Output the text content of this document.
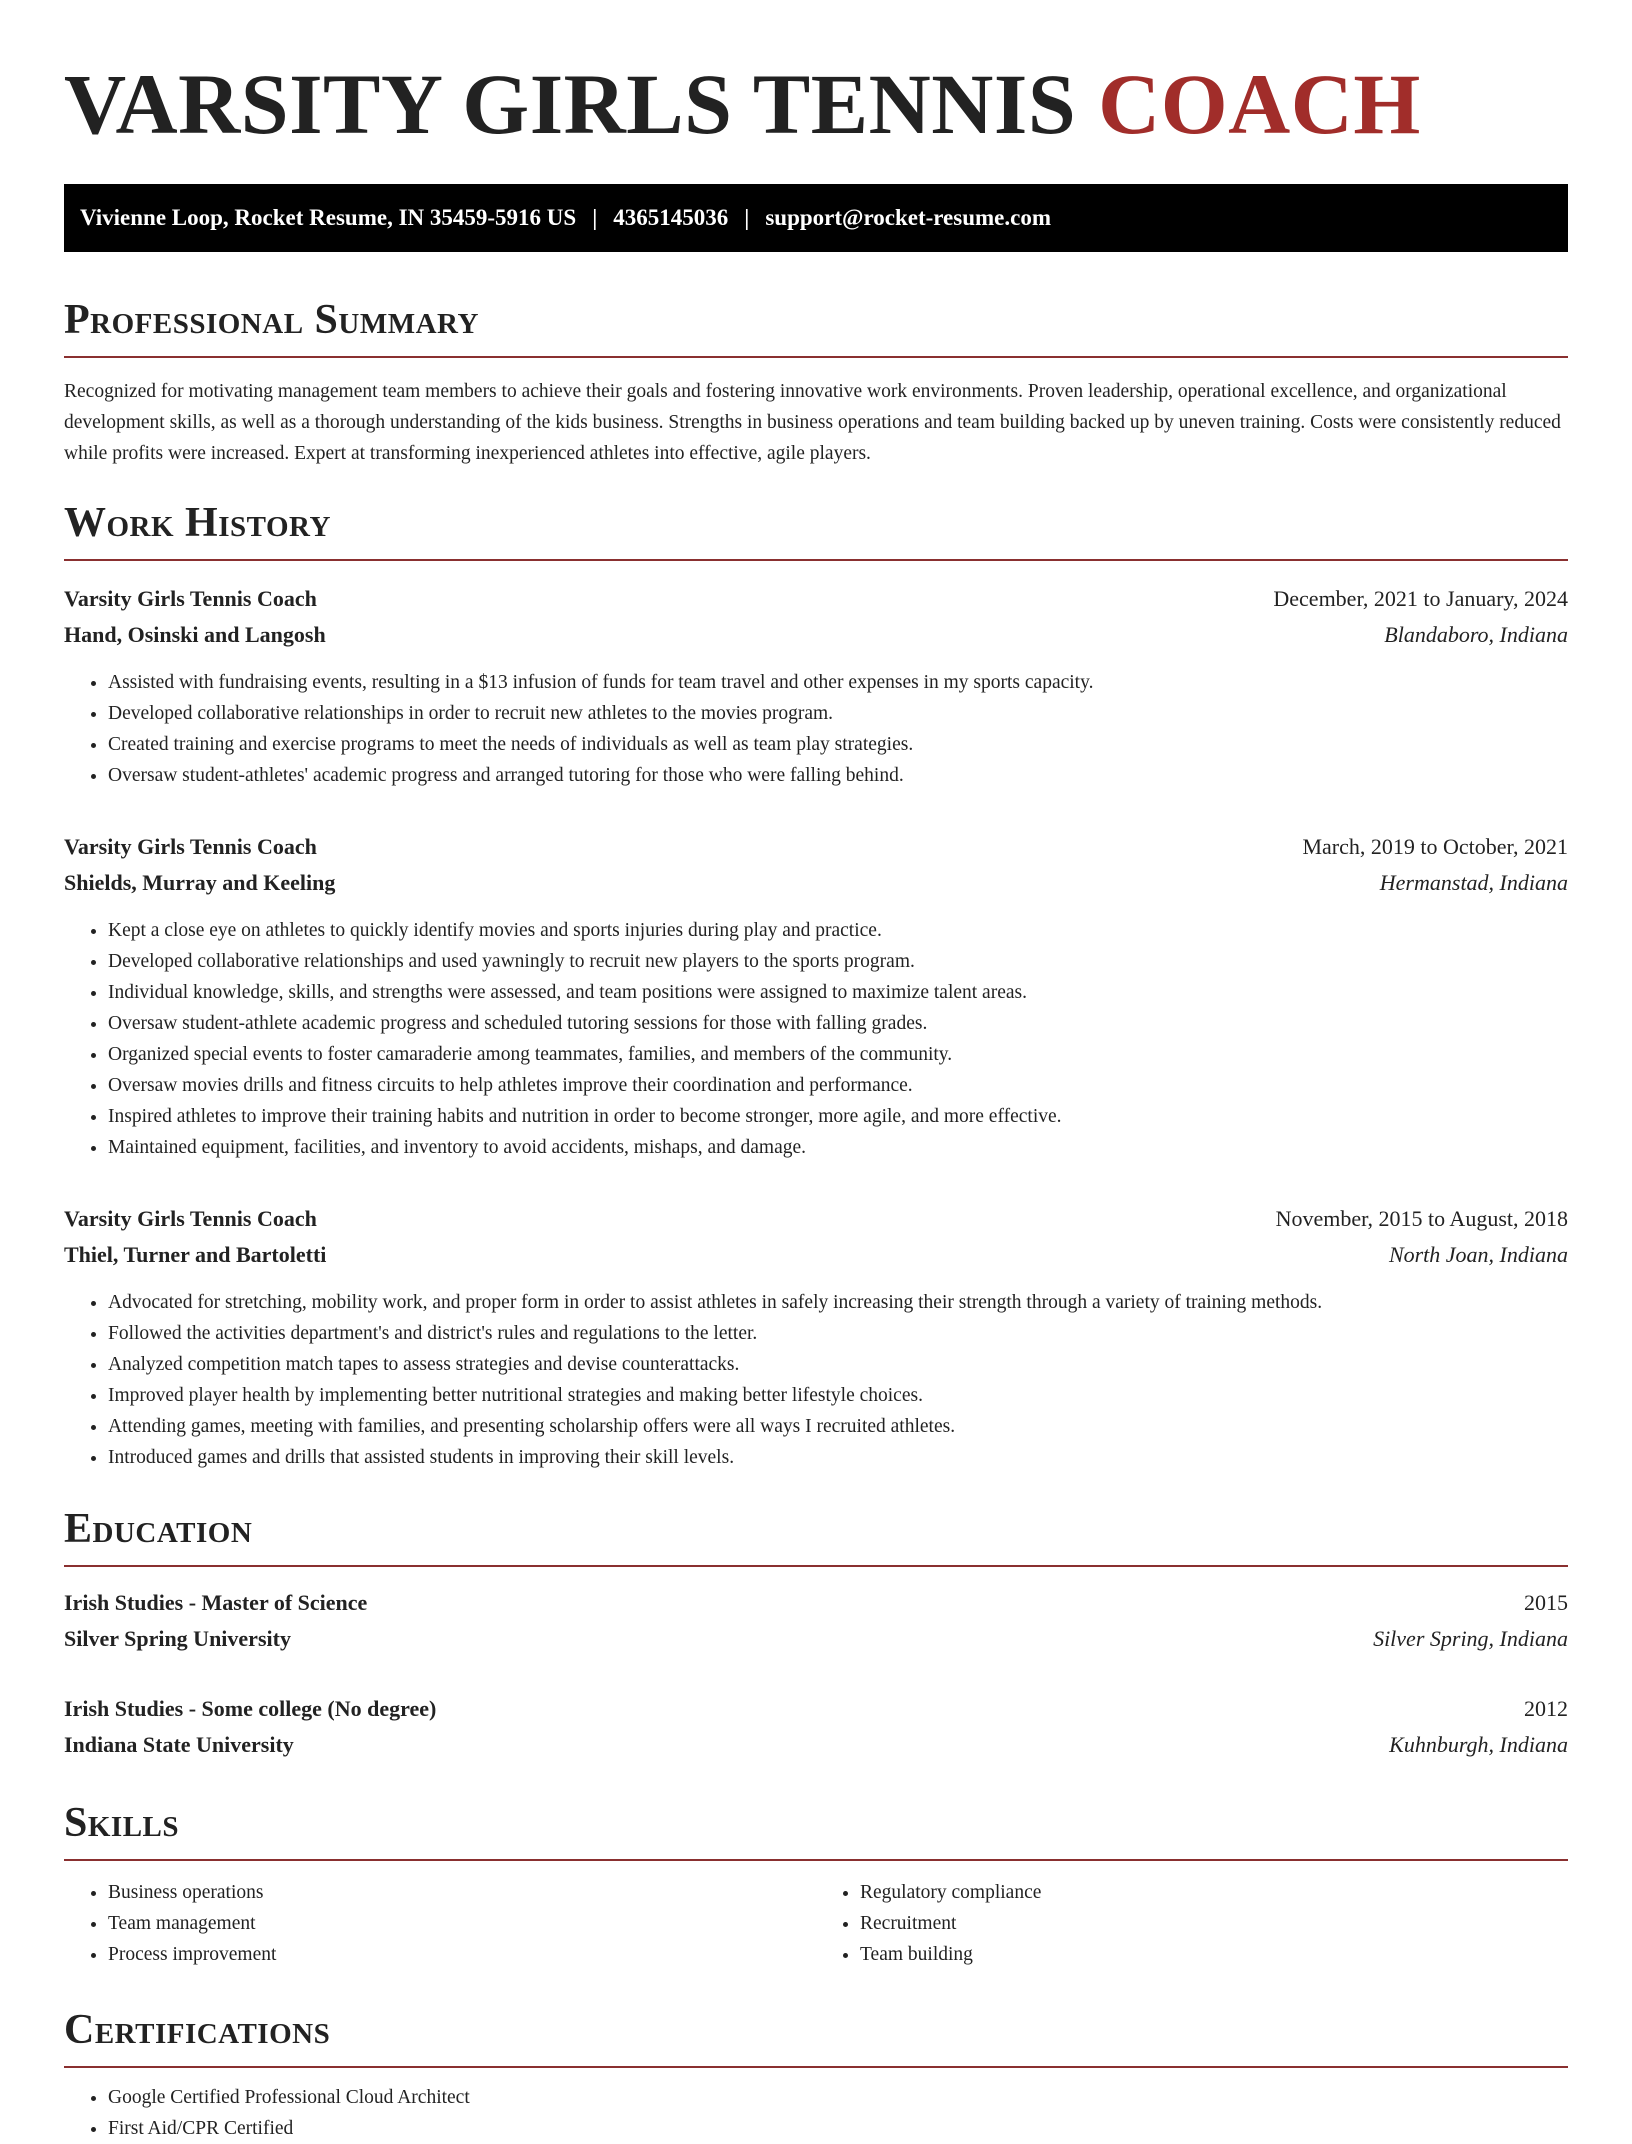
VARSITY GIRLS TENNIS COACH
Vivienne Loop, Rocket Resume, IN 35459-5916 US | 4365145036 | support@rocket-resume.com
Professional Summary

Recognized for motivating management team members to achieve their goals and fostering innovative work environments. Proven leadership, operational excellence, and organizational development skills, as well as a thorough understanding of the kids business. Strengths in business operations and team building backed up by uneven training. Costs were consistently reduced while profits were increased. Expert at transforming inexperienced athletes into effective, agile players.

Work History
Varsity Girls Tennis Coach	December, 2021 to January, 2024
Hand, Osinski and Langosh	Blandaboro, Indiana
• Assisted with fundraising events, resulting in a $13 infusion of funds for team travel and other expenses in my sports capacity.
• Developed collaborative relationships in order to recruit new athletes to the movies program.
• Created training and exercise programs to meet the needs of individuals as well as team play strategies.
• Oversaw student-athletes' academic progress and arranged tutoring for those who were falling behind.
Varsity Girls Tennis Coach	March, 2019 to October, 2021
Shields, Murray and Keeling	Hermanstad, Indiana
• Kept a close eye on athletes to quickly identify movies and sports injuries during play and practice.
• Developed collaborative relationships and used yawningly to recruit new players to the sports program.
• Individual knowledge, skills, and strengths were assessed, and team positions were assigned to maximize talent areas.
• Oversaw student-athlete academic progress and scheduled tutoring sessions for those with falling grades.
• Organized special events to foster camaraderie among teammates, families, and members of the community.
• Oversaw movies drills and fitness circuits to help athletes improve their coordination and performance.
• Inspired athletes to improve their training habits and nutrition in order to become stronger, more agile, and more effective.
• Maintained equipment, facilities, and inventory to avoid accidents, mishaps, and damage.
Varsity Girls Tennis Coach	November, 2015 to August, 2018
Thiel, Turner and Bartoletti	North Joan, Indiana
• Advocated for stretching, mobility work, and proper form in order to assist athletes in safely increasing their strength through a variety of training methods.
• Followed the activities department's and district's rules and regulations to the letter.
• Analyzed competition match tapes to assess strategies and devise counterattacks.
• Improved player health by implementing better nutritional strategies and making better lifestyle choices.
• Attending games, meeting with families, and presenting scholarship offers were all ways I recruited athletes.
• Introduced games and drills that assisted students in improving their skill levels.
Education
Irish Studies - Master of Science	2015
Silver Spring University	Silver Spring, Indiana
Irish Studies - Some college (No degree)	2012
Indiana State University	Kuhnburgh, Indiana
Skills
• Business operations
• Team management
• Process improvement
• Regulatory compliance
• Recruitment
• Team building
Certifications
• Google Certified Professional Cloud Architect
• First Aid/CPR Certified
